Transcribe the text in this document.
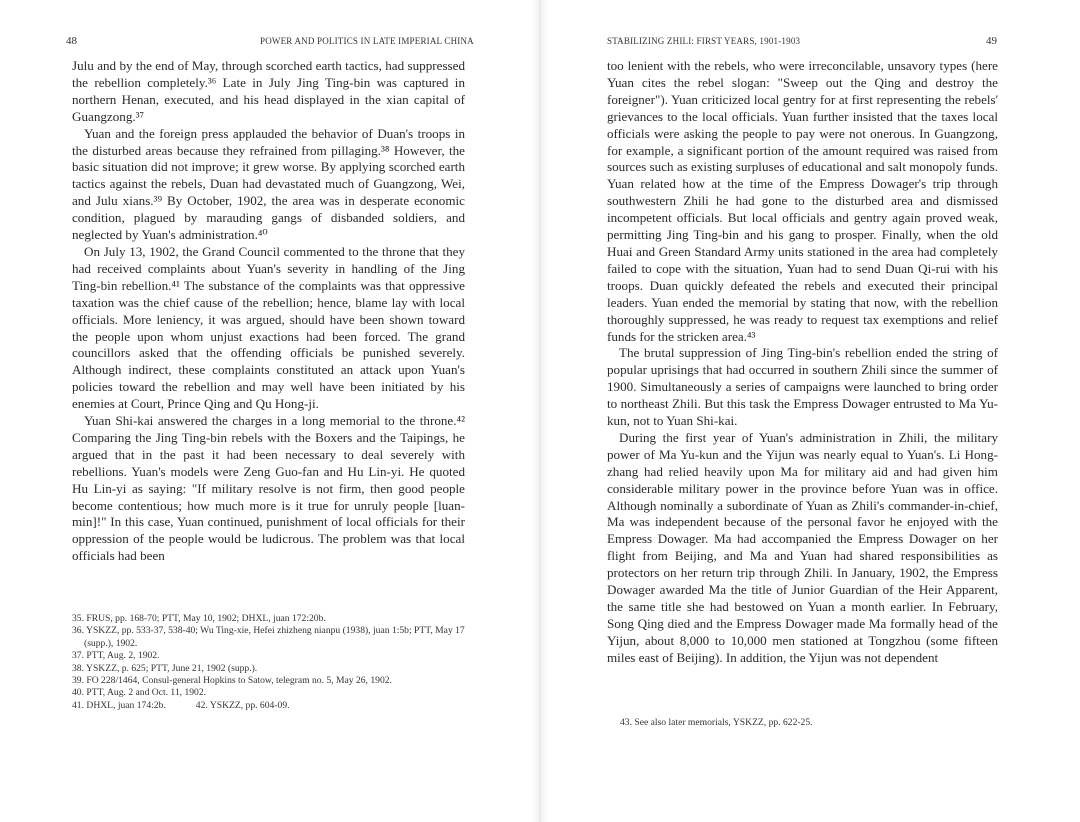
48	POWER AND POLITICS IN LATE IMPERIAL CHINA

Julu and by the end of May, through scorched earth tactics, had suppressed the rebellion completely.³⁶ Late in July Jing Ting-bin was captured in northern Henan, executed, and his head displayed in the xian capital of Guangzong.³⁷

Yuan and the foreign press applauded the behavior of Duan's troops in the disturbed areas because they refrained from pillaging.³⁸ However, the basic situation did not improve; it grew worse. By applying scorched earth tactics against the rebels, Duan had devastated much of Guangzong, Wei, and Julu xians.³⁹ By October, 1902, the area was in desperate economic condition, plagued by marauding gangs of disbanded soldiers, and neglected by Yuan's administration.⁴⁰

On July 13, 1902, the Grand Council commented to the throne that they had received complaints about Yuan's severity in handling of the Jing Ting-bin rebellion.⁴¹ The substance of the complaints was that oppressive taxation was the chief cause of the rebellion; hence, blame lay with local officials. More leniency, it was argued, should have been shown toward the people upon whom unjust exactions had been forced. The grand councillors asked that the offending officials be punished severely. Although indirect, these complaints constituted an attack upon Yuan's policies toward the rebellion and may well have been initiated by his enemies at Court, Prince Qing and Qu Hong-ji.

Yuan Shi-kai answered the charges in a long memorial to the throne.⁴² Comparing the Jing Ting-bin rebels with the Boxers and the Taipings, he argued that in the past it had been necessary to deal severely with rebellions. Yuan's models were Zeng Guo-fan and Hu Lin-yi. He quoted Hu Lin-yi as saying: "If military resolve is not firm, then good people become contentious; how much more is it true for unruly people [luan-min]!" In this case, Yuan continued, punishment of local officials for their oppression of the people would be ludicrous. The problem was that local officials had been

35. FRUS, pp. 168-70; PTT, May 10, 1902; DHXL, juan 172:20b.
36. YSKZZ, pp. 533-37, 538-40; Wu Ting-xie, Hefei zhizheng nianpu (1938), juan 1:5b; PTT, May 17 (supp.), 1902.
37. PTT, Aug. 2, 1902.
38. YSKZZ, p. 625; PTT, June 21, 1902 (supp.).
39. FO 228/1464, Consul-general Hopkins to Satow, telegram no. 5, May 26, 1902.
40. PTT, Aug. 2 and Oct. 11, 1902.
41. DHXL, juan 174:2b.	42. YSKZZ, pp. 604-09.
STABILIZING ZHILI: FIRST YEARS, 1901-1903	49

too lenient with the rebels, who were irreconcilable, unsavory types (here Yuan cites the rebel slogan: "Sweep out the Qing and destroy the foreigner"). Yuan criticized local gentry for at first representing the rebels' grievances to the local officials. Yuan further insisted that the taxes local officials were asking the people to pay were not onerous. In Guangzong, for example, a significant portion of the amount required was raised from sources such as existing surpluses of educational and salt monopoly funds. Yuan related how at the time of the Empress Dowager's trip through southwestern Zhili he had gone to the disturbed area and dismissed incompetent officials. But local officials and gentry again proved weak, permitting Jing Ting-bin and his gang to prosper. Finally, when the old Huai and Green Standard Army units stationed in the area had completely failed to cope with the situation, Yuan had to send Duan Qi-rui with his troops. Duan quickly defeated the rebels and executed their principal leaders. Yuan ended the memorial by stating that now, with the rebellion thoroughly suppressed, he was ready to request tax exemptions and relief funds for the stricken area.⁴³

The brutal suppression of Jing Ting-bin's rebellion ended the string of popular uprisings that had occurred in southern Zhili since the summer of 1900. Simultaneously a series of campaigns were launched to bring order to northeast Zhili. But this task the Empress Dowager entrusted to Ma Yu-kun, not to Yuan Shi-kai.

During the first year of Yuan's administration in Zhili, the military power of Ma Yu-kun and the Yijun was nearly equal to Yuan's. Li Hong-zhang had relied heavily upon Ma for military aid and had given him considerable military power in the province before Yuan was in office. Although nominally a subordinate of Yuan as Zhili's commander-in-chief, Ma was independent because of the personal favor he enjoyed with the Empress Dowager. Ma had accompanied the Empress Dowager on her flight from Beijing, and Ma and Yuan had shared responsibilities as protectors on her return trip through Zhili. In January, 1902, the Empress Dowager awarded Ma the title of Junior Guardian of the Heir Apparent, the same title she had bestowed on Yuan a month earlier. In February, Song Qing died and the Empress Dowager made Ma formally head of the Yijun, about 8,000 to 10,000 men stationed at Tongzhou (some fifteen miles east of Beijing). In addition, the Yijun was not dependent

43. See also later memorials, YSKZZ, pp. 622-25.
